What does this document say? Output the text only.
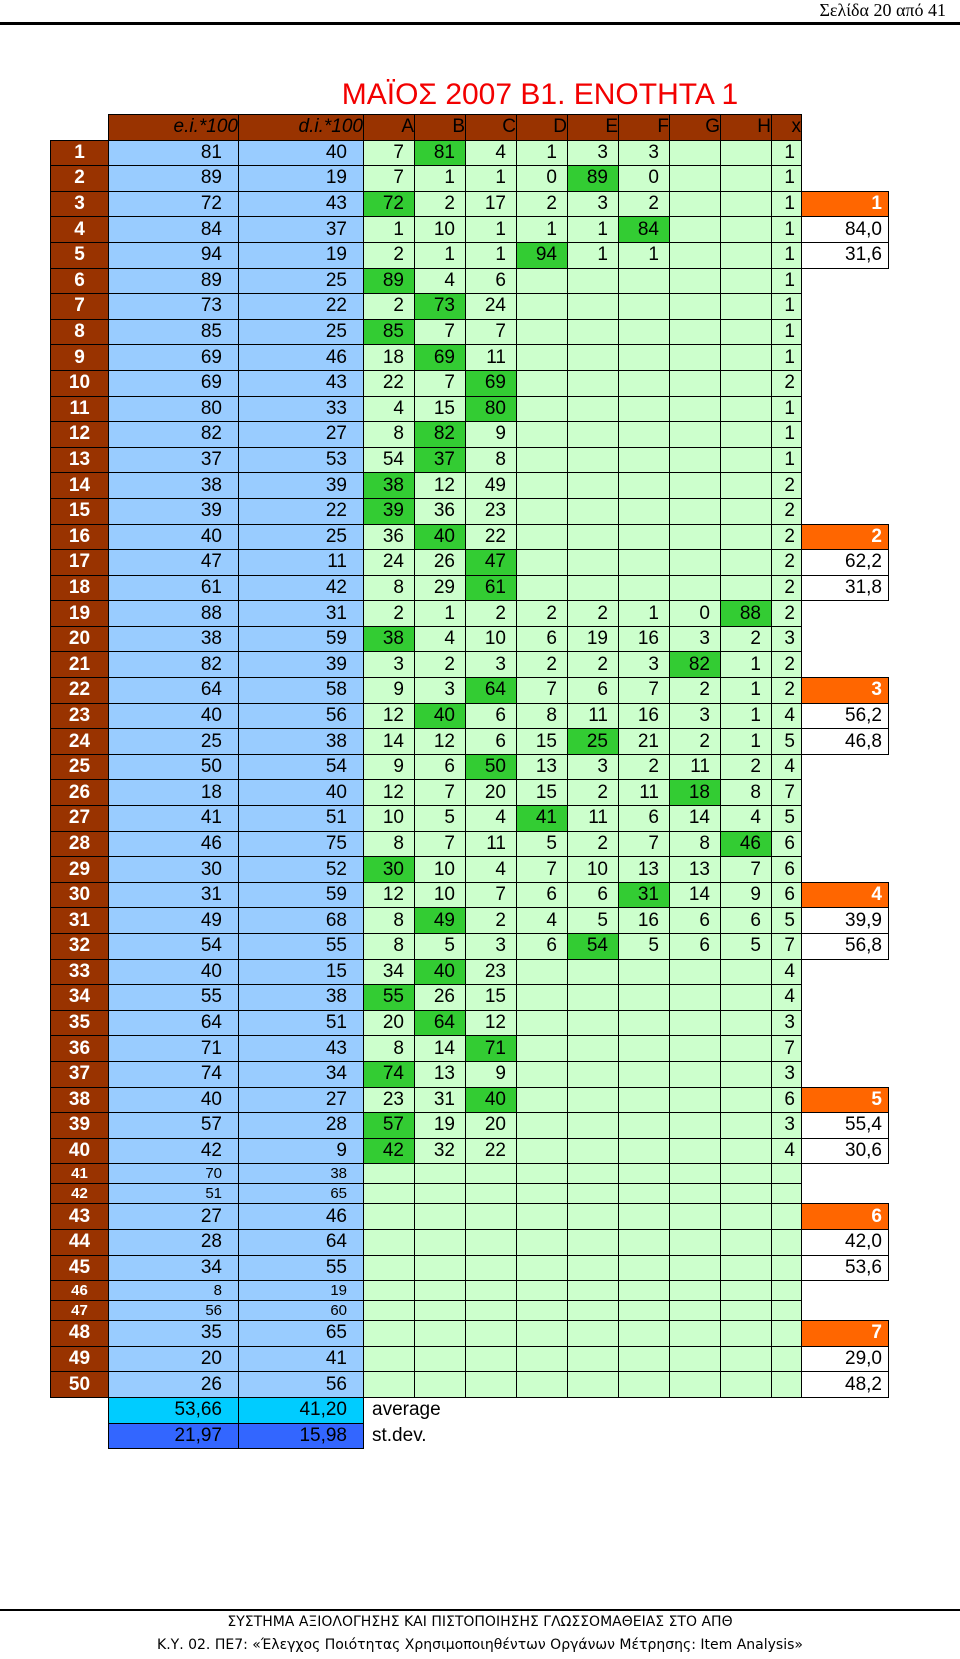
Σελίδα 20 από 41
ΜΑΪΟΣ 2007 Β1. ΕΝΟΤΗΤΑ 1
	e.i.*100	d.i.*100	A	B	C	D	E	F	G	H	x	
1	81	40	7	81	4	1	3	3			1	
2	89	19	7	1	1	0	89	0			1	
3	72	43	72	2	17	2	3	2			1	1
4	84	37	1	10	1	1	1	84			1	84,0
5	94	19	2	1	1	94	1	1			1	31,6
6	89	25	89	4	6						1	
7	73	22	2	73	24						1	
8	85	25	85	7	7						1	
9	69	46	18	69	11						1	
10	69	43	22	7	69						2	
11	80	33	4	15	80						1	
12	82	27	8	82	9						1	
13	37	53	54	37	8						1	
14	38	39	38	12	49						2	
15	39	22	39	36	23						2	
16	40	25	36	40	22						2	2
17	47	11	24	26	47						2	62,2
18	61	42	8	29	61						2	31,8
19	88	31	2	1	2	2	2	1	0	88	2	
20	38	59	38	4	10	6	19	16	3	2	3	
21	82	39	3	2	3	2	2	3	82	1	2	
22	64	58	9	3	64	7	6	7	2	1	2	3
23	40	56	12	40	6	8	11	16	3	1	4	56,2
24	25	38	14	12	6	15	25	21	2	1	5	46,8
25	50	54	9	6	50	13	3	2	11	2	4	
26	18	40	12	7	20	15	2	11	18	8	7	
27	41	51	10	5	4	41	11	6	14	4	5	
28	46	75	8	7	11	5	2	7	8	46	6	
29	30	52	30	10	4	7	10	13	13	7	6	
30	31	59	12	10	7	6	6	31	14	9	6	4
31	49	68	8	49	2	4	5	16	6	6	5	39,9
32	54	55	8	5	3	6	54	5	6	5	7	56,8
33	40	15	34	40	23						4	
34	55	38	55	26	15						4	
35	64	51	20	64	12						3	
36	71	43	8	14	71						7	
37	74	34	74	13	9						3	
38	40	27	23	31	40						6	5
39	57	28	57	19	20						3	55,4
40	42	9	42	32	22						4	30,6
41	70	38										
42	51	65										
43	27	46										6
44	28	64										42,0
45	34	55										53,6
46	8	19										
47	56	60										
48	35	65										7
49	20	41										29,0
50	26	56										48,2
	53,66	41,20	average									
	21,97	15,98	st.dev.									
ΣΥΣΤΗΜΑ ΑΞΙΟΛΟΓΗΣΗΣ ΚΑΙ ΠΙΣΤΟΠΟΙΗΣΗΣ ΓΛΩΣΣΟΜΑΘΕΙΑΣ ΣΤΟ ΑΠΘ
Κ.Υ. 02. ΠΕ7: «Έλεγχος Ποιότητας Χρησιμοποιηθέντων Οργάνων Μέτρησης: Item Analysis»
